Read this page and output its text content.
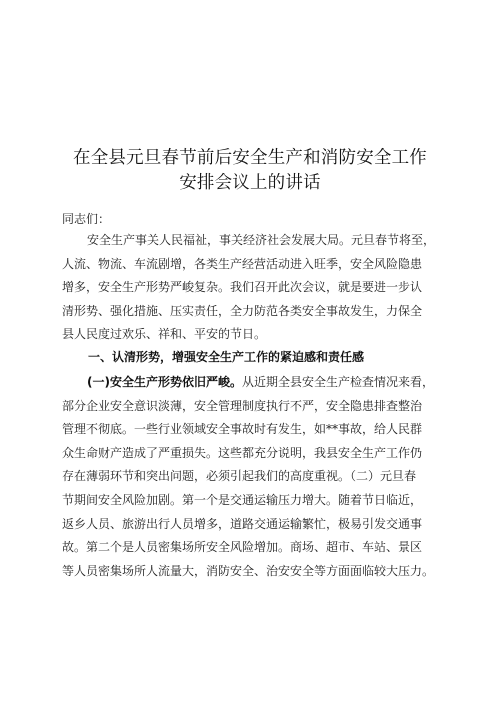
在全县元旦春节前后安全生产和消防安全工作
安排会议上的讲话
同志们：
安全生产事关人民福祉，事关经济社会发展大局。元旦春节将至，
人流、物流、车流剧增，各类生产经营活动进入旺季，安全风险隐患
增多，安全生产形势严峻复杂。我们召开此次会议，就是要进一步认
清形势、强化措施、压实责任，全力防范各类安全事故发生，力保全
县人民度过欢乐、祥和、平安的节日。
一、认清形势，增强安全生产工作的紧迫感和责任感
(一)安全生产形势依旧严峻。从近期全县安全生产检查情况来看，
部分企业安全意识淡薄，安全管理制度执行不严，安全隐患排查整治
管理不彻底。一些行业领域安全事故时有发生，如**事故，给人民群
众生命财产造成了严重损失。这些都充分说明，我县安全生产工作仍
存在薄弱环节和突出问题，必须引起我们的高度重视。（二）元旦春
节期间安全风险加剧。第一个是交通运输压力增大。随着节日临近，
返乡人员、旅游出行人员增多，道路交通运输繁忙，极易引发交通事
故。第二个是人员密集场所安全风险增加。商场、超市、车站、景区
等人员密集场所人流量大，消防安全、治安安全等方面面临较大压力。
